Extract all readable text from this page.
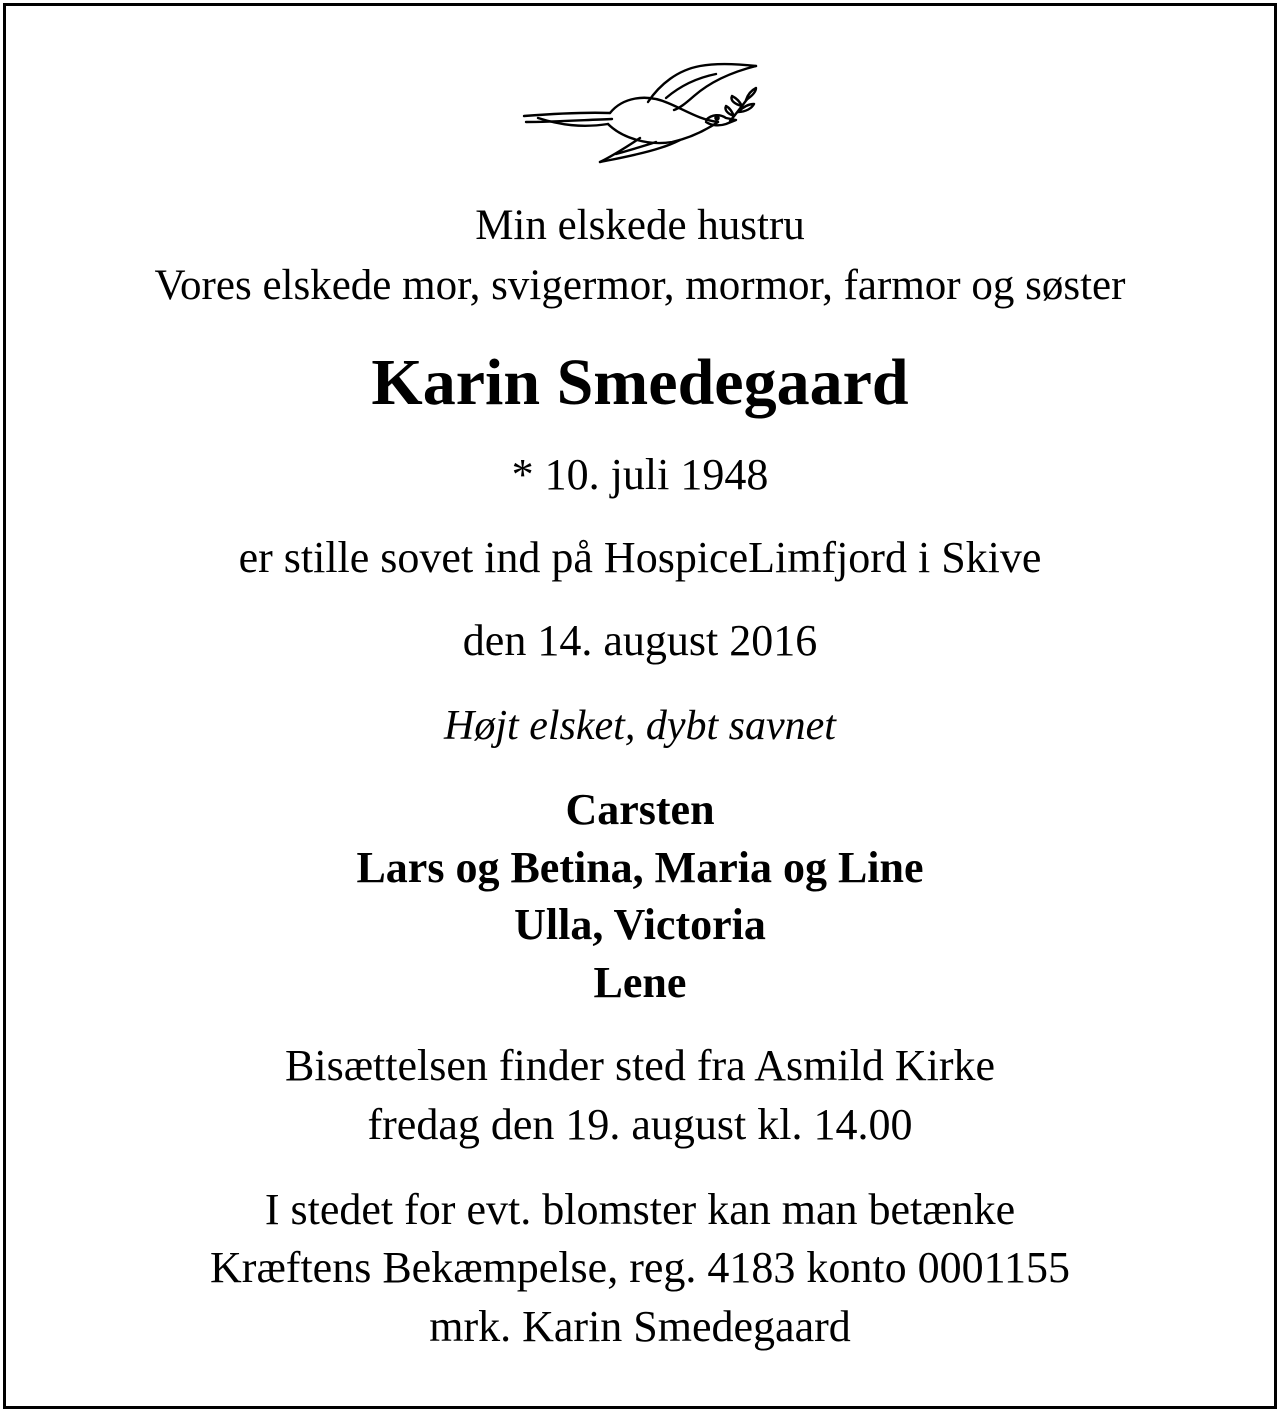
Min elskede hustru
Vores elskede mor, svigermor, mormor, farmor og søster
Karin Smedegaard
* 10. juli 1948
er stille sovet ind på HospiceLimfjord i Skive
den 14. august 2016
Højt elsket, dybt savnet
Carsten
Lars og Betina, Maria og Line
Ulla, Victoria
Lene
Bisættelsen finder sted fra Asmild Kirke
fredag den 19. august kl. 14.00
I stedet for evt. blomster kan man betænke
Kræftens Bekæmpelse, reg. 4183 konto 0001155
mrk. Karin Smedegaard
